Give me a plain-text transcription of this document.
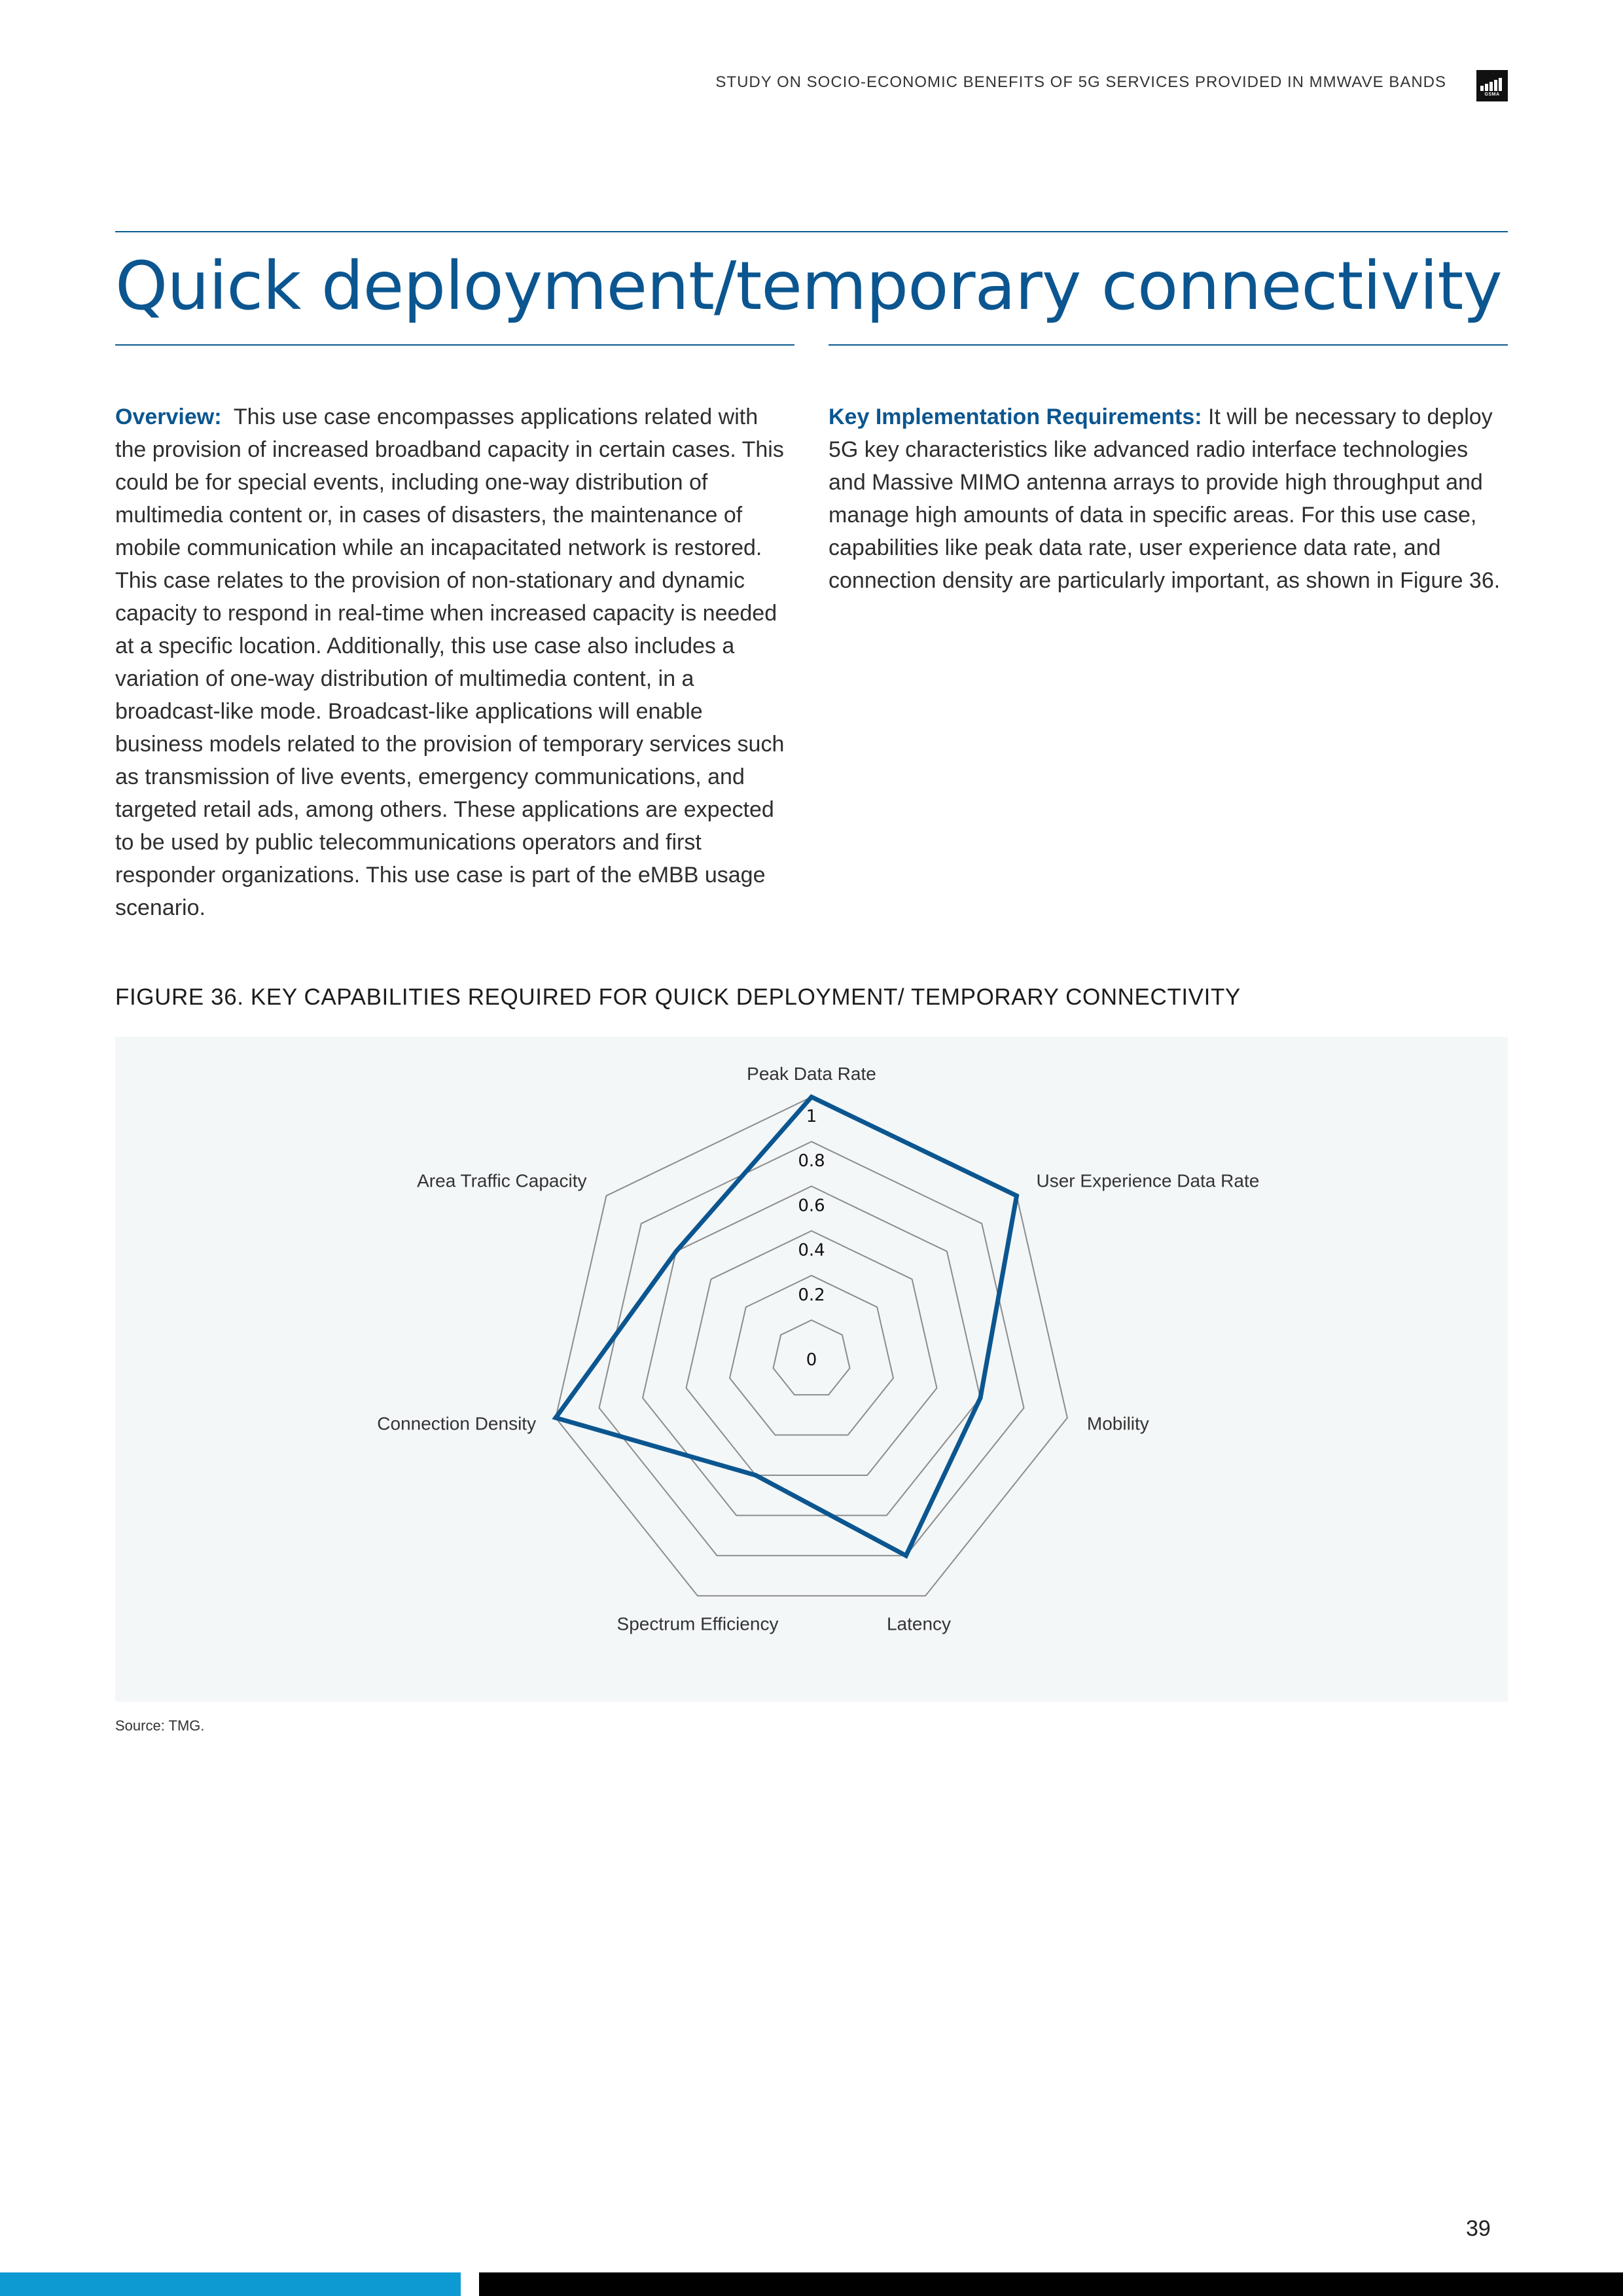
STUDY ON SOCIO-ECONOMIC BENEFITS OF 5G SERVICES PROVIDED IN MMWAVE BANDS
GSMA
Quick deployment/temporary connectivity

Overview: This use case encompasses applications related with the provision of increased broadband capacity in certain cases. This could be for special events, including one-way distribution of multimedia content or, in cases of disasters, the maintenance of mobile communication while an incapacitated network is restored. This case relates to the provision of non-stationary and dynamic capacity to respond in real-time when increased capacity is needed at a specific location. Additionally, this use case also includes a variation of one-way distribution of multimedia content, in a broadcast-like mode. Broadcast-like applications will enable business models related to the provision of temporary services such as transmission of live events, emergency communications, and targeted retail ads, among others. These applications are expected to be used by public telecommunications operators and first responder organizations. This use case is part of the eMBB usage scenario.

Key Implementation Requirements: It will be necessary to deploy 5G key characteristics like advanced radio interface technologies and Massive MIMO antenna arrays to provide high throughput and manage high amounts of data in specific areas. For this use case, capabilities like peak data rate, user experience data rate, and connection density are particularly important, as shown in Figure 36.

FIGURE 36. KEY CAPABILITIES REQUIRED FOR QUICK DEPLOYMENT/ TEMPORARY CONNECTIVITY

0
0.2
0.4
0.6
0.8
1
Peak Data Rate
User Experience Data Rate
Mobility
Latency
Spectrum Efficiency
Connection Density
Area Traffic Capacity
Source: TMG.
39
